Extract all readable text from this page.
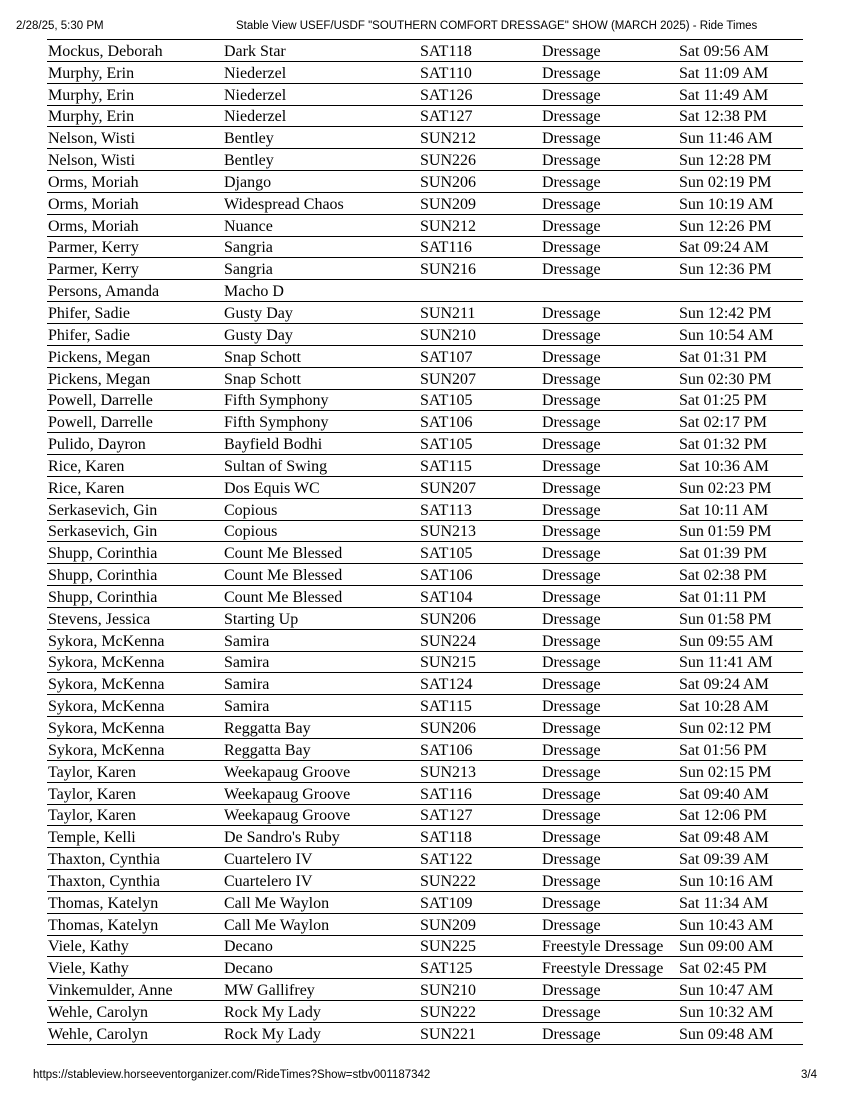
2/28/25, 5:30 PM	Stable View USEF/USDF "SOUTHERN COMFORT DRESSAGE" SHOW (MARCH 2025) - Ride Times
Mockus, Deborah	Dark Star	SAT118	Dressage	Sat 09:56 AM
Murphy, Erin	Niederzel	SAT110	Dressage	Sat 11:09 AM
Murphy, Erin	Niederzel	SAT126	Dressage	Sat 11:49 AM
Murphy, Erin	Niederzel	SAT127	Dressage	Sat 12:38 PM
Nelson, Wisti	Bentley	SUN212	Dressage	Sun 11:46 AM
Nelson, Wisti	Bentley	SUN226	Dressage	Sun 12:28 PM
Orms, Moriah	Django	SUN206	Dressage	Sun 02:19 PM
Orms, Moriah	Widespread Chaos	SUN209	Dressage	Sun 10:19 AM
Orms, Moriah	Nuance	SUN212	Dressage	Sun 12:26 PM
Parmer, Kerry	Sangria	SAT116	Dressage	Sat 09:24 AM
Parmer, Kerry	Sangria	SUN216	Dressage	Sun 12:36 PM
Persons, Amanda	Macho D			
Phifer, Sadie	Gusty Day	SUN211	Dressage	Sun 12:42 PM
Phifer, Sadie	Gusty Day	SUN210	Dressage	Sun 10:54 AM
Pickens, Megan	Snap Schott	SAT107	Dressage	Sat 01:31 PM
Pickens, Megan	Snap Schott	SUN207	Dressage	Sun 02:30 PM
Powell, Darrelle	Fifth Symphony	SAT105	Dressage	Sat 01:25 PM
Powell, Darrelle	Fifth Symphony	SAT106	Dressage	Sat 02:17 PM
Pulido, Dayron	Bayfield Bodhi	SAT105	Dressage	Sat 01:32 PM
Rice, Karen	Sultan of Swing	SAT115	Dressage	Sat 10:36 AM
Rice, Karen	Dos Equis WC	SUN207	Dressage	Sun 02:23 PM
Serkasevich, Gin	Copious	SAT113	Dressage	Sat 10:11 AM
Serkasevich, Gin	Copious	SUN213	Dressage	Sun 01:59 PM
Shupp, Corinthia	Count Me Blessed	SAT105	Dressage	Sat 01:39 PM
Shupp, Corinthia	Count Me Blessed	SAT106	Dressage	Sat 02:38 PM
Shupp, Corinthia	Count Me Blessed	SAT104	Dressage	Sat 01:11 PM
Stevens, Jessica	Starting Up	SUN206	Dressage	Sun 01:58 PM
Sykora, McKenna	Samira	SUN224	Dressage	Sun 09:55 AM
Sykora, McKenna	Samira	SUN215	Dressage	Sun 11:41 AM
Sykora, McKenna	Samira	SAT124	Dressage	Sat 09:24 AM
Sykora, McKenna	Samira	SAT115	Dressage	Sat 10:28 AM
Sykora, McKenna	Reggatta Bay	SUN206	Dressage	Sun 02:12 PM
Sykora, McKenna	Reggatta Bay	SAT106	Dressage	Sat 01:56 PM
Taylor, Karen	Weekapaug Groove	SUN213	Dressage	Sun 02:15 PM
Taylor, Karen	Weekapaug Groove	SAT116	Dressage	Sat 09:40 AM
Taylor, Karen	Weekapaug Groove	SAT127	Dressage	Sat 12:06 PM
Temple, Kelli	De Sandro's Ruby	SAT118	Dressage	Sat 09:48 AM
Thaxton, Cynthia	Cuartelero IV	SAT122	Dressage	Sat 09:39 AM
Thaxton, Cynthia	Cuartelero IV	SUN222	Dressage	Sun 10:16 AM
Thomas, Katelyn	Call Me Waylon	SAT109	Dressage	Sat 11:34 AM
Thomas, Katelyn	Call Me Waylon	SUN209	Dressage	Sun 10:43 AM
Viele, Kathy	Decano	SUN225	Freestyle Dressage	Sun 09:00 AM
Viele, Kathy	Decano	SAT125	Freestyle Dressage	Sat 02:45 PM
Vinkemulder, Anne	MW Gallifrey	SUN210	Dressage	Sun 10:47 AM
Wehle, Carolyn	Rock My Lady	SUN222	Dressage	Sun 10:32 AM
Wehle, Carolyn	Rock My Lady	SUN221	Dressage	Sun 09:48 AM
https://stableview.horseeventorganizer.com/RideTimes?Show=stbv001187342	3/4
